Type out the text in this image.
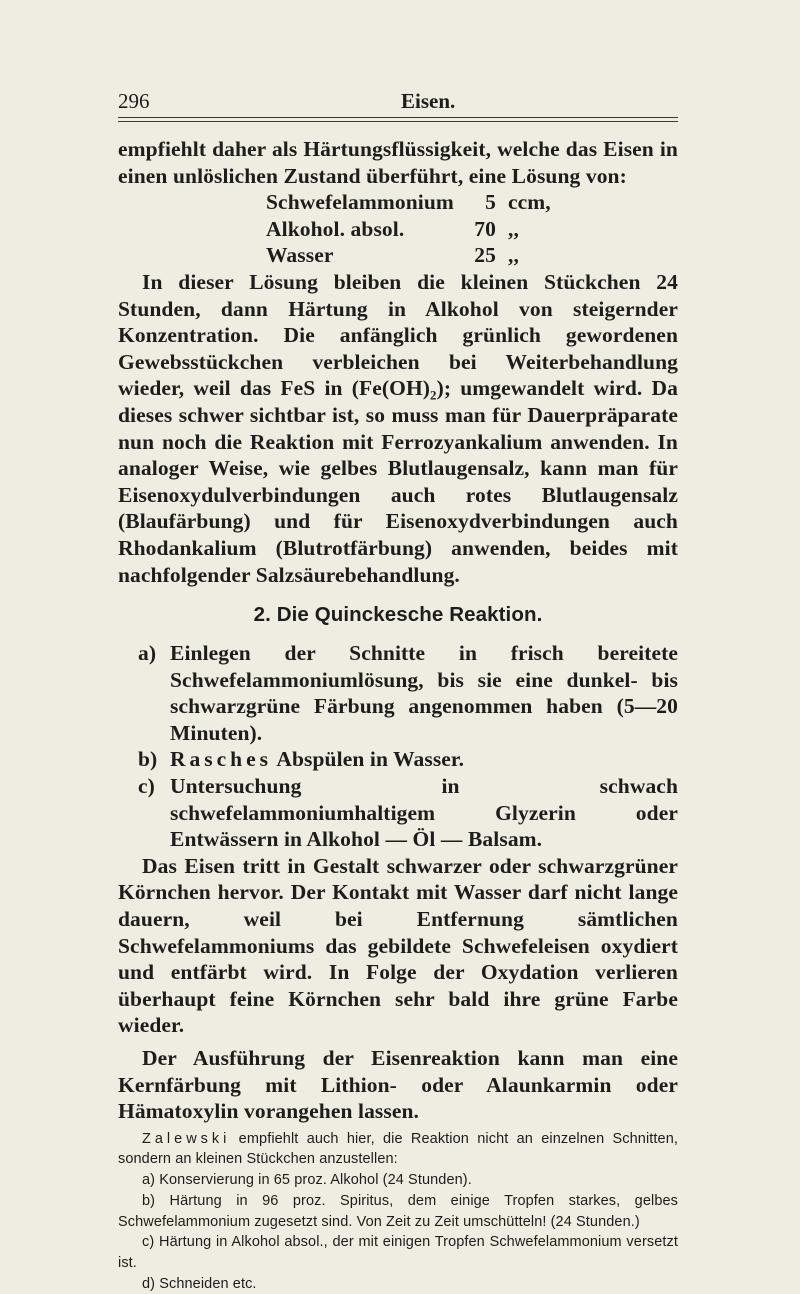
296	Eisen.

empfiehlt daher als Härtungsflüssigkeit, welche das Eisen in einen unlöslichen Zustand überführt, eine Lösung von:

Schwefelammonium	5 ccm,
Alkohol. absol.	70 ,,
Wasser	25 ,,

In dieser Lösung bleiben die kleinen Stückchen 24 Stunden, dann Härtung in Alkohol von steigernder Konzentration. Die anfänglich grünlich gewordenen Gewebsstückchen verbleichen bei Weiterbehandlung wieder, weil das FeS in (Fe(OH)₂); umgewandelt wird. Da dieses schwer sichtbar ist, so muss man für Dauerpräparate nun noch die Reaktion mit Ferrozyankalium anwenden. In analoger Weise, wie gelbes Blutlaugensalz, kann man für Eisenoxydulverbindungen auch rotes Blutlaugensalz (Blaufärbung) und für Eisenoxydverbindungen auch Rhodankalium (Blutrotfärbung) anwenden, beides mit nachfolgender Salzsäurebehandlung.

2. Die Quinckesche Reaktion.
a) Einlegen der Schnitte in frisch bereitete Schwefelammoniumlösung, bis sie eine dunkel- bis schwarzgrüne Färbung angenommen haben (5—20 Minuten).
b) Rasches Abspülen in Wasser.
c) Untersuchung in schwach schwefelammoniumhaltigem Glyzerin oder Entwässern in Alkohol — Öl — Balsam.

Das Eisen tritt in Gestalt schwarzer oder schwarzgrüner Körnchen hervor. Der Kontakt mit Wasser darf nicht lange dauern, weil bei Entfernung sämtlichen Schwefelammoniums das gebildete Schwefeleisen oxydiert und entfärbt wird. In Folge der Oxydation verlieren überhaupt feine Körnchen sehr bald ihre grüne Farbe wieder.

Der Ausführung der Eisenreaktion kann man eine Kernfärbung mit Lithion- oder Alaunkarmin oder Hämatoxylin vorangehen lassen.

Zalewski empfiehlt auch hier, die Reaktion nicht an einzelnen Schnitten, sondern an kleinen Stückchen anzustellen:

a) Konservierung in 65 proz. Alkohol (24 Stunden).

b) Härtung in 96 proz. Spiritus, dem einige Tropfen starkes, gelbes Schwefelammonium zugesetzt sind. Von Zeit zu Zeit umschütteln! (24 Stunden.)

c) Härtung in Alkohol absol., der mit einigen Tropfen Schwefelammonium versetzt ist.

d) Schneiden etc.
